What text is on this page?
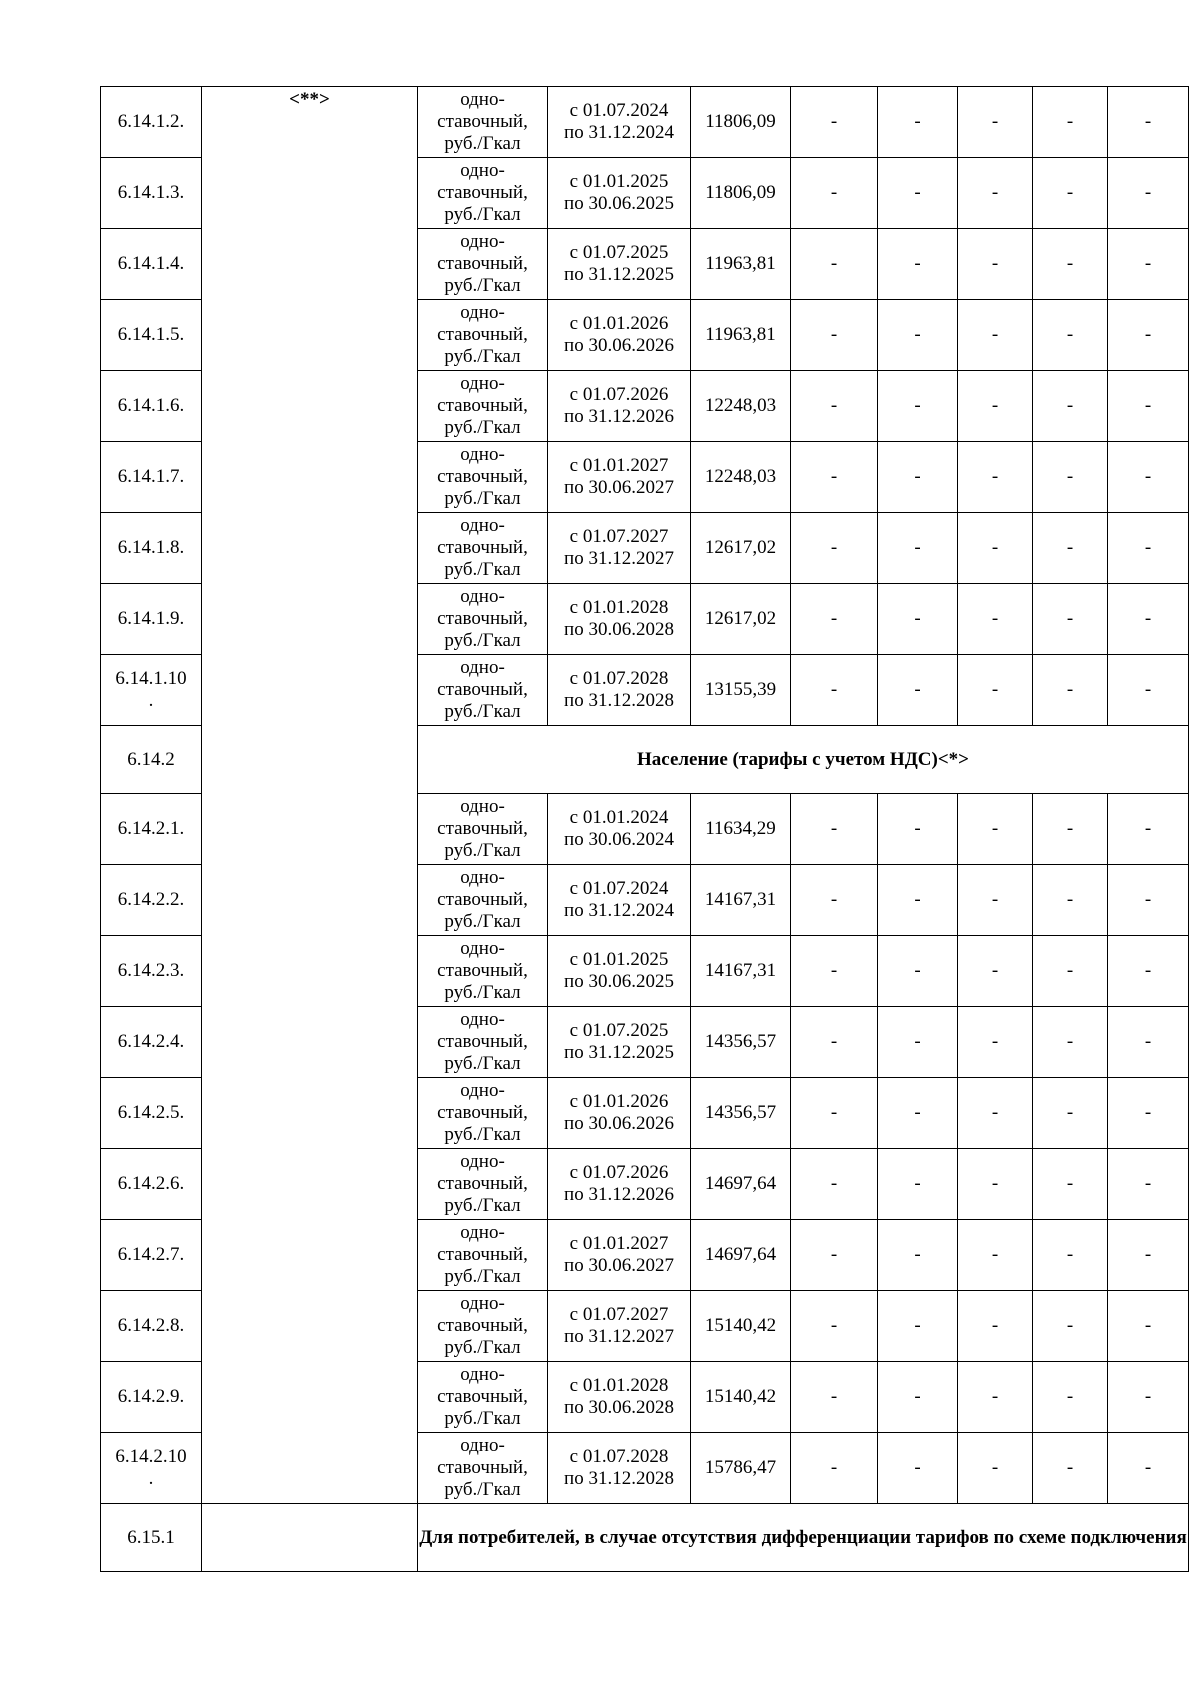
6.14.1.2.	<**>	одно-
ставочный,
руб./Гкал	с 01.07.2024
по 31.12.2024	11806,09	-	-	-	-	-

6.14.1.3.		одно-
ставочный,
руб./Гкал	с 01.01.2025
по 30.06.2025	11806,09	-	-	-	-	-

6.14.1.4.		одно-
ставочный,
руб./Гкал	с 01.07.2025
по 31.12.2025	11963,81	-	-	-	-	-

6.14.1.5.		одно-
ставочный,
руб./Гкал	с 01.01.2026
по 30.06.2026	11963,81	-	-	-	-	-

6.14.1.6.		одно-
ставочный,
руб./Гкал	с 01.07.2026
по 31.12.2026	12248,03	-	-	-	-	-

6.14.1.7.		одно-
ставочный,
руб./Гкал	с 01.01.2027
по 30.06.2027	12248,03	-	-	-	-	-

6.14.1.8.		одно-
ставочный,
руб./Гкал	с 01.07.2027
по 31.12.2027	12617,02	-	-	-	-	-

6.14.1.9.		одно-
ставочный,
руб./Гкал	с 01.01.2028
по 30.06.2028	12617,02	-	-	-	-	-

6.14.1.10
.		одно-
ставочный,
руб./Гкал	с 01.07.2028
по 31.12.2028	13155,39	-	-	-	-	-

6.14.2		Население (тарифы с учетом НДС)<*>							

6.14.2.1.		одно-
ставочный,
руб./Гкал	с 01.01.2024
по 30.06.2024	11634,29	-	-	-	-	-

6.14.2.2.		одно-
ставочный,
руб./Гкал	с 01.07.2024
по 31.12.2024	14167,31	-	-	-	-	-

6.14.2.3.		одно-
ставочный,
руб./Гкал	с 01.01.2025
по 30.06.2025	14167,31	-	-	-	-	-

6.14.2.4.		одно-
ставочный,
руб./Гкал	с 01.07.2025
по 31.12.2025	14356,57	-	-	-	-	-

6.14.2.5.		одно-
ставочный,
руб./Гкал	с 01.01.2026
по 30.06.2026	14356,57	-	-	-	-	-

6.14.2.6.		одно-
ставочный,
руб./Гкал	с 01.07.2026
по 31.12.2026	14697,64	-	-	-	-	-

6.14.2.7.		одно-
ставочный,
руб./Гкал	с 01.01.2027
по 30.06.2027	14697,64	-	-	-	-	-

6.14.2.8.		одно-
ставочный,
руб./Гкал	с 01.07.2027
по 31.12.2027	15140,42	-	-	-	-	-

6.14.2.9.		одно-
ставочный,
руб./Гкал	с 01.01.2028
по 30.06.2028	15140,42	-	-	-	-	-

6.14.2.10
.		одно-
ставочный,
руб./Гкал	с 01.07.2028
по 31.12.2028	15786,47	-	-	-	-	-

6.15.1		Для потребителей, в случае отсутствия дифференциации тарифов по схеме подключения							
